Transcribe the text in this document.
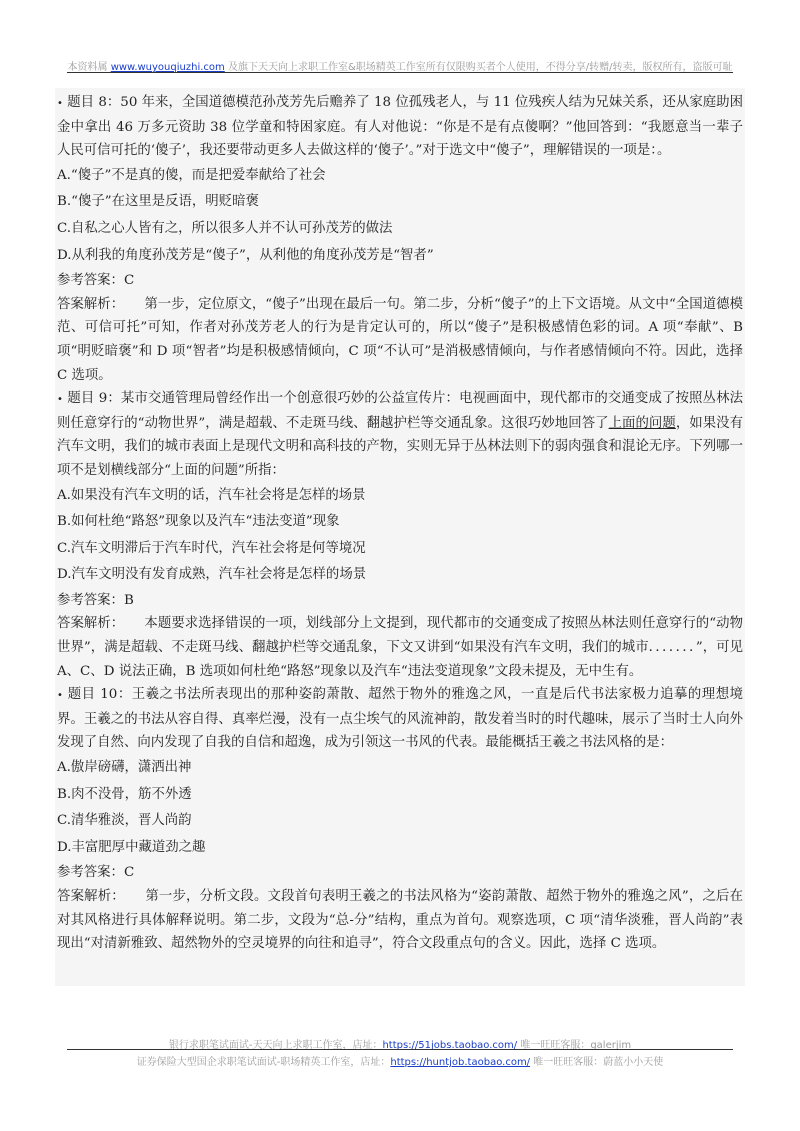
本资料属 www.wuyouqiuzhi.com 及旗下天天向上求职工作室&职场精英工作室所有仅限购买者个人使用，不得分享/转赠/转卖，版权所有，盗版可耻

• 题目 8：50 年来，全国道德模范孙茂芳先后赡养了 18 位孤残老人，与 11 位残疾人结为兄妹关系，还从家庭助困金中拿出 46 万多元资助 38 位学童和特困家庭。有人对他说：“你是不是有点傻啊？”他回答到：“我愿意当一辈子人民可信可托的‘傻子’，我还要带动更多人去做这样的‘傻子’。”对于选文中“傻子”，理解错误的一项是：。

A.“傻子”不是真的傻，而是把爱奉献给了社会

B.“傻子”在这里是反语，明贬暗褒

C.自私之心人皆有之，所以很多人并不认可孙茂芳的做法

D.从利我的角度孙茂芳是“傻子”，从利他的角度孙茂芳是“智者”

参考答案：C

答案解析：　　第一步，定位原文，“傻子”出现在最后一句。第二步，分析“傻子”的上下文语境。从文中“全国道德模范、可信可托”可知，作者对孙茂芳老人的行为是肯定认可的，所以“傻子”是积极感情色彩的词。A 项“奉献”、B 项“明贬暗褒”和 D 项“智者”均是积极感情倾向，C 项“不认可”是消极感情倾向，与作者感情倾向不符。因此，选择 C 选项。

• 题目 9：某市交通管理局曾经作出一个创意很巧妙的公益宣传片：电视画面中，现代都市的交通变成了按照丛林法则任意穿行的“动物世界”，满是超载、不走斑马线、翻越护栏等交通乱象。这很巧妙地回答了上面的问题，如果没有汽车文明，我们的城市表面上是现代文明和高科技的产物，实则无异于丛林法则下的弱肉强食和混论无序。下列哪一项不是划横线部分“上面的问题”所指：

A.如果没有汽车文明的话，汽车社会将是怎样的场景

B.如何杜绝“路怒”现象以及汽车“违法变道”现象

C.汽车文明滞后于汽车时代，汽车社会将是何等境况

D.汽车文明没有发育成熟，汽车社会将是怎样的场景

参考答案：B

答案解析：　　本题要求选择错误的一项，划线部分上文提到，现代都市的交通变成了按照丛林法则任意穿行的“动物世界”，满是超载、不走斑马线、翻越护栏等交通乱象，下文又讲到“如果没有汽车文明，我们的城市．．．．．．．”，可见 A、C、D 说法正确，B 选项如何杜绝“路怒”现象以及汽车“违法变道现象”文段未提及，无中生有。

• 题目 10：王羲之书法所表现出的那种姿韵萧散、超然于物外的雅逸之风，一直是后代书法家极力追摹的理想境界。王羲之的书法从容自得、真率烂漫，没有一点尘埃气的风流神韵，散发着当时的时代趣味，展示了当时士人向外发现了自然、向内发现了自我的自信和超逸，成为引领这一书风的代表。最能概括王羲之书法风格的是：

A.傲岸磅礴，潇洒出神

B.肉不没骨，筋不外透

C.清华雅淡，晋人尚韵

D.丰富肥厚中藏道劲之趣

参考答案：C

答案解析：　　第一步，分析文段。文段首句表明王羲之的书法风格为“姿韵萧散、超然于物外的雅逸之风”，之后在对其风格进行具体解释说明。第二步，文段为“总-分”结构，重点为首句。观察选项，C 项“清华淡雅，晋人尚韵”表现出“对清新雅致、超然物外的空灵境界的向往和追寻”，符合文段重点句的含义。因此，选择 C 选项。

银行求职笔试面试-天天向上求职工作室，店址：https://51jobs.taobao.com/ 唯一旺旺客服：galerjim
证券保险大型国企求职笔试面试-职场精英工作室，店址：https://huntjob.taobao.com/ 唯一旺旺客服：蔚蓝小小天使
